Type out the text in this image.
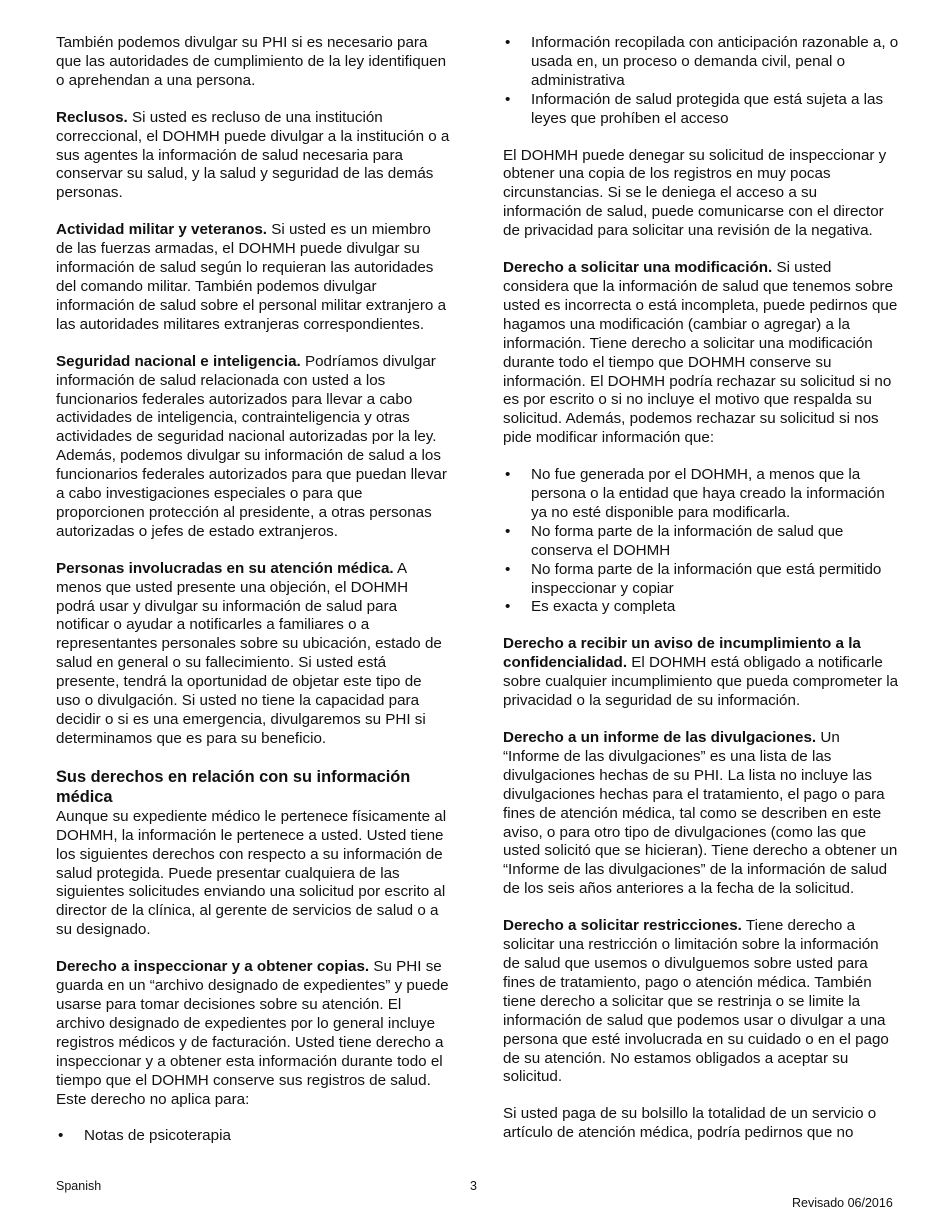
También podemos divulgar su PHI si es necesario para que las autoridades de cumplimiento de la ley identifiquen o aprehendan a una persona.

Reclusos. Si usted es recluso de una institución correccional, el DOHMH puede divulgar a la institución o a sus agentes la información de salud necesaria para conservar su salud, y la salud y seguridad de las demás personas.

Actividad militar y veteranos. Si usted es un miembro de las fuerzas armadas, el DOHMH puede divulgar su información de salud según lo requieran las autoridades del comando militar. También podemos divulgar información de salud sobre el personal militar extranjero a las autoridades militares extranjeras correspondientes.

Seguridad nacional e inteligencia. Podríamos divulgar información de salud relacionada con usted a los funcionarios federales autorizados para llevar a cabo actividades de inteligencia, contrainteligencia y otras actividades de seguridad nacional autorizadas por la ley. Además, podemos divulgar su información de salud a los funcionarios federales autorizados para que puedan llevar a cabo investigaciones especiales o para que proporcionen protección al presidente, a otras personas autorizadas o jefes de estado extranjeros.

Personas involucradas en su atención médica. A menos que usted presente una objeción, el DOHMH podrá usar y divulgar su información de salud para notificar o ayudar a notificarles a familiares o a representantes personales sobre su ubicación, estado de salud en general o su fallecimiento. Si usted está presente, tendrá la oportunidad de objetar este tipo de uso o divulgación. Si usted no tiene la capacidad para decidir o si es una emergencia, divulgaremos su PHI si determinamos que es para su beneficio.

Sus derechos en relación con su información médica

Aunque su expediente médico le pertenece físicamente al DOHMH, la información le pertenece a usted. Usted tiene los siguientes derechos con respecto a su información de salud protegida. Puede presentar cualquiera de las siguientes solicitudes enviando una solicitud por escrito al director de la clínica, al gerente de servicios de salud o a su designado.

Derecho a inspeccionar y a obtener copias. Su PHI se guarda en un “archivo designado de expedientes” y puede usarse para tomar decisiones sobre su atención. El archivo designado de expedientes por lo general incluye registros médicos y de facturación. Usted tiene derecho a inspeccionar y a obtener esta información durante todo el tiempo que el DOHMH conserve sus registros de salud. Este derecho no aplica para:

• Notas de psicoterapia
• Información recopilada con anticipación razonable a, o usada en, un proceso o demanda civil, penal o administrativa
• Información de salud protegida que está sujeta a las leyes que prohíben el acceso

El DOHMH puede denegar su solicitud de inspeccionar y obtener una copia de los registros en muy pocas circunstancias. Si se le deniega el acceso a su información de salud, puede comunicarse con el director de privacidad para solicitar una revisión de la negativa.

Derecho a solicitar una modificación. Si usted considera que la información de salud que tenemos sobre usted es incorrecta o está incompleta, puede pedirnos que hagamos una modificación (cambiar o agregar) a la información. Tiene derecho a solicitar una modificación durante todo el tiempo que DOHMH conserve su información. El DOHMH podría rechazar su solicitud si no es por escrito o si no incluye el motivo que respalda su solicitud. Además, podemos rechazar su solicitud si nos pide modificar información que:

• No fue generada por el DOHMH, a menos que la persona o la entidad que haya creado la información ya no esté disponible para modificarla.
• No forma parte de la información de salud que conserva el DOHMH
• No forma parte de la información que está permitido inspeccionar y copiar
• Es exacta y completa

Derecho a recibir un aviso de incumplimiento a la confidencialidad. El DOHMH está obligado a notificarle sobre cualquier incumplimiento que pueda comprometer la privacidad o la seguridad de su información.

Derecho a un informe de las divulgaciones. Un “Informe de las divulgaciones” es una lista de las divulgaciones hechas de su PHI. La lista no incluye las divulgaciones hechas para el tratamiento, el pago o para fines de atención médica, tal como se describen en este aviso, o para otro tipo de divulgaciones (como las que usted solicitó que se hicieran). Tiene derecho a obtener un “Informe de las divulgaciones” de la información de salud de los seis años anteriores a la fecha de la solicitud.

Derecho a solicitar restricciones. Tiene derecho a solicitar una restricción o limitación sobre la información de salud que usemos o divulguemos sobre usted para fines de tratamiento, pago o atención médica. También tiene derecho a solicitar que se restrinja o se limite la información de salud que podemos usar o divulgar a una persona que esté involucrada en su cuidado o en el pago de su atención. No estamos obligados a aceptar su solicitud.

Si usted paga de su bolsillo la totalidad de un servicio o artículo de atención médica, podría pedirnos que no

Spanish	3
Revisado 06/2016
